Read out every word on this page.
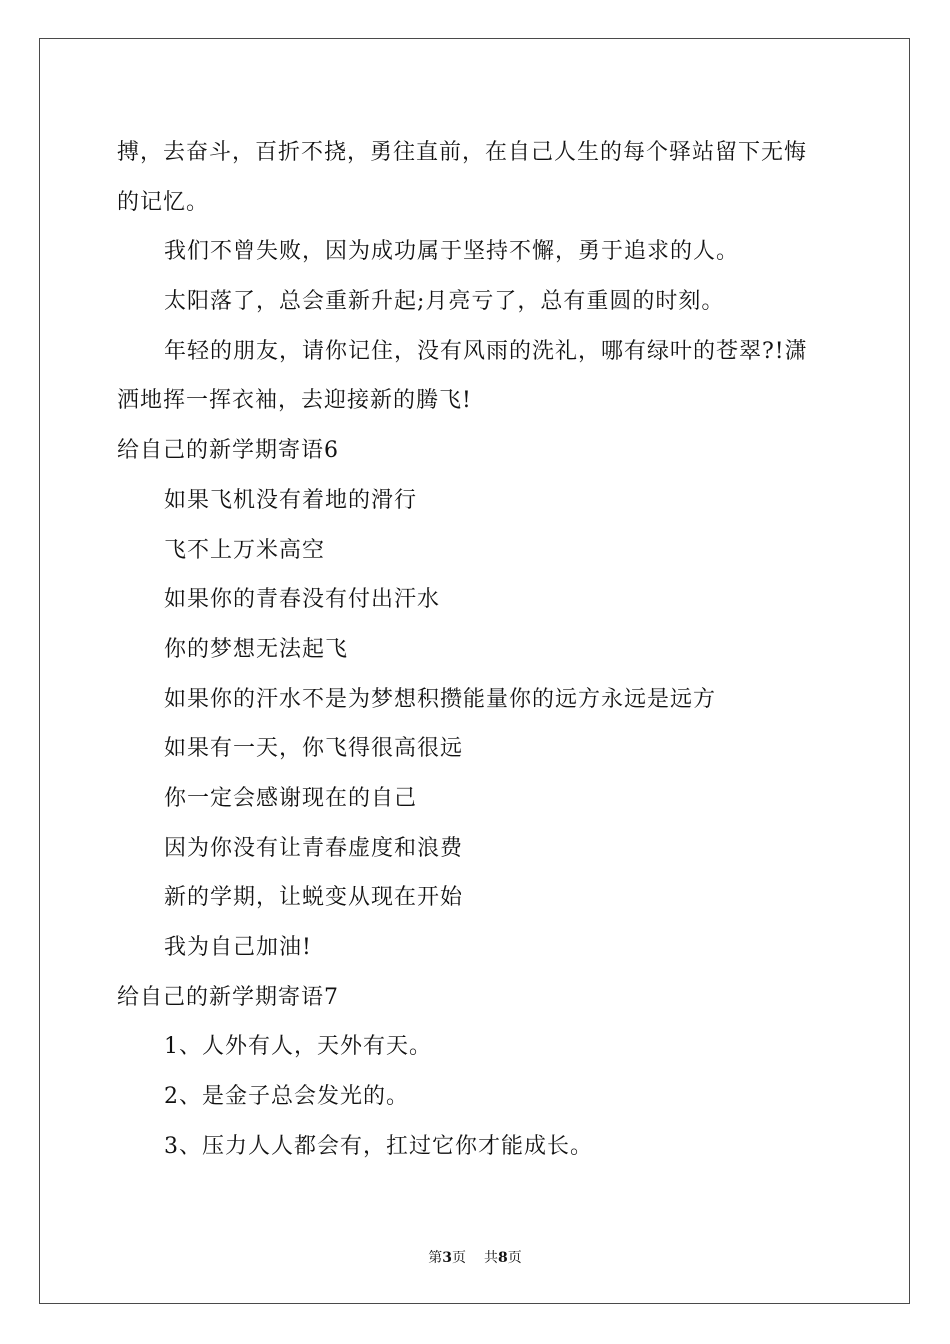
搏，去奋斗，百折不挠，勇往直前，在自己人生的每个驿站留下无悔
的记忆。
我们不曾失败，因为成功属于坚持不懈，勇于追求的人。
太阳落了，总会重新升起;月亮亏了，总有重圆的时刻。
年轻的朋友，请你记住，没有风雨的洗礼，哪有绿叶的苍翠?!潇
洒地挥一挥衣袖，去迎接新的腾飞!
给自己的新学期寄语6
如果飞机没有着地的滑行
飞不上万米高空
如果你的青春没有付出汗水
你的梦想无法起飞
如果你的汗水不是为梦想积攒能量你的远方永远是远方
如果有一天，你飞得很高很远
你一定会感谢现在的自己
因为你没有让青春虚度和浪费
新的学期，让蜕变从现在开始
我为自己加油!
给自己的新学期寄语7
1、人外有人，天外有天。
2、是金子总会发光的。
3、压力人人都会有，扛过它你才能成长。
第3页 共8页
